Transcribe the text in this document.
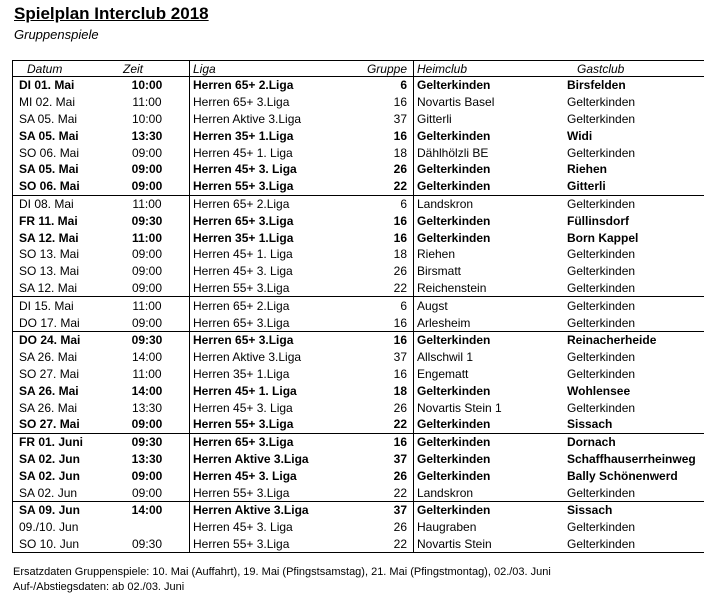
Spielplan Interclub 2018
Gruppenspiele
Datum	Zeit	Liga	Gruppe	Heimclub	Gastclub
DI 01. Mai	10:00	Herren 65+ 2.Liga	6	Gelterkinden	Birsfelden
MI 02. Mai	11:00	Herren 65+ 3.Liga	16	Novartis Basel	Gelterkinden
SA 05. Mai	10:00	Herren Aktive 3.Liga	37	Gitterli	Gelterkinden
SA 05. Mai	13:30	Herren 35+ 1.Liga	16	Gelterkinden	Widi
SO 06. Mai	09:00	Herren 45+ 1. Liga	18	Dählhölzli BE	Gelterkinden
SA 05. Mai	09:00	Herren 45+ 3. Liga	26	Gelterkinden	Riehen
SO 06. Mai	09:00	Herren 55+ 3.Liga	22	Gelterkinden	Gitterli
DI 08. Mai	11:00	Herren 65+ 2.Liga	6	Landskron	Gelterkinden
FR 11. Mai	09:30	Herren 65+ 3.Liga	16	Gelterkinden	Füllinsdorf
SA 12. Mai	11:00	Herren 35+ 1.Liga	16	Gelterkinden	Born Kappel
SO 13. Mai	09:00	Herren 45+ 1. Liga	18	Riehen	Gelterkinden
SO 13. Mai	09:00	Herren 45+ 3. Liga	26	Birsmatt	Gelterkinden
SA 12. Mai	09:00	Herren 55+ 3.Liga	22	Reichenstein	Gelterkinden
DI 15. Mai	11:00	Herren 65+ 2.Liga	6	Augst	Gelterkinden
DO 17. Mai	09:00	Herren 65+ 3.Liga	16	Arlesheim	Gelterkinden
DO 24. Mai	09:30	Herren 65+ 3.Liga	16	Gelterkinden	Reinacherheide
SA 26. Mai	14:00	Herren Aktive 3.Liga	37	Allschwil 1	Gelterkinden
SO 27. Mai	11:00	Herren 35+ 1.Liga	16	Engematt	Gelterkinden
SA 26. Mai	14:00	Herren 45+ 1. Liga	18	Gelterkinden	Wohlensee
SA 26. Mai	13:30	Herren 45+ 3. Liga	26	Novartis Stein 1	Gelterkinden
SO 27. Mai	09:00	Herren 55+ 3.Liga	22	Gelterkinden	Sissach
FR 01. Juni	09:30	Herren 65+ 3.Liga	16	Gelterkinden	Dornach
SA 02. Jun	13:30	Herren Aktive 3.Liga	37	Gelterkinden	Schaffhauserrheinweg
SA 02. Jun	09:00	Herren 45+ 3. Liga	26	Gelterkinden	Bally Schönenwerd
SA 02. Jun	09:00	Herren 55+ 3.Liga	22	Landskron	Gelterkinden
SA 09. Jun	14:00	Herren Aktive 3.Liga	37	Gelterkinden	Sissach
09./10. Jun		Herren 45+ 3. Liga	26	Haugraben	Gelterkinden
SO 10. Jun	09:30	Herren 55+ 3.Liga	22	Novartis Stein	Gelterkinden
Ersatzdaten Gruppenspiele: 10. Mai (Auffahrt), 19. Mai (Pfingstsamstag), 21. Mai (Pfingstmontag), 02./03. Juni
Auf-/Abstiegsdaten: ab 02./03. Juni
